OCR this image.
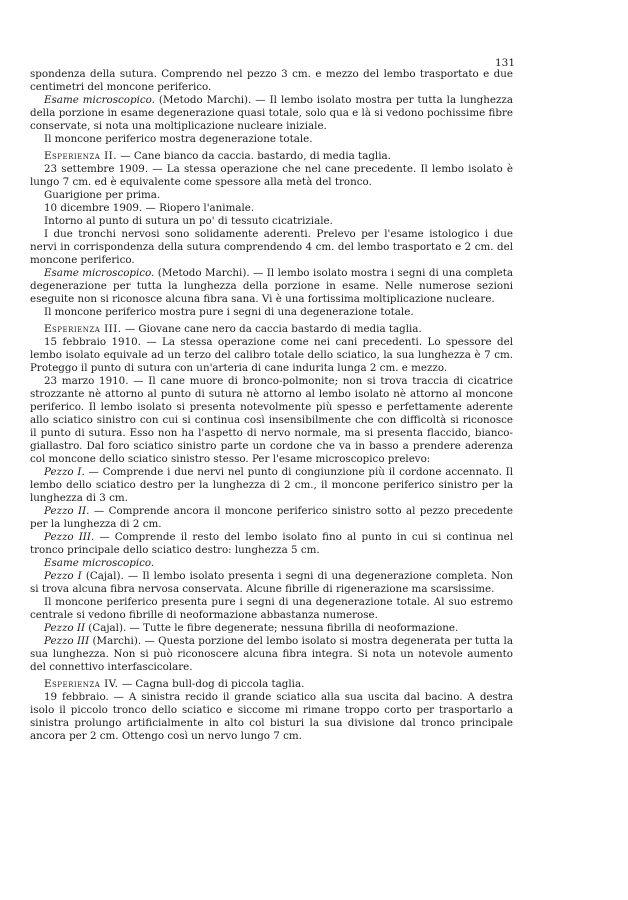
131

spondenza della sutura. Comprendo nel pezzo 3 cm. e mezzo del lembo trasportato e due centimetri del moncone periferico.

Esame microscopico. (Metodo Marchi). — Il lembo isolato mostra per tutta la lunghezza della porzione in esame degenerazione quasi totale, solo qua e là si vedono pochissime fibre conservate, si nota una moltiplicazione nucleare iniziale.

Il moncone periferico mostra degenerazione totale.

Esperienza II. — Cane bianco da caccia. bastardo, di media taglia.

23 settembre 1909. — La stessa operazione che nel cane precedente. Il lembo isolato è lungo 7 cm. ed è equivalente come spessore alla metà del tronco.

Guarigione per prima.

10 dicembre 1909. — Riopero l'animale.

Intorno al punto di sutura un po' di tessuto cicatriziale.

I due tronchi nervosi sono solidamente aderenti. Prelevo per l'esame istologico i due nervi in corrispondenza della sutura comprendendo 4 cm. del lembo trasportato e 2 cm. del moncone periferico.

Esame microscopico. (Metodo Marchi). — Il lembo isolato mostra i segni di una completa degenerazione per tutta la lunghezza della porzione in esame. Nelle numerose sezioni eseguite non si riconosce alcuna fibra sana. Vi è una fortissima moltiplicazione nucleare.

Il moncone periferico mostra pure i segni di una degenerazione totale.

Esperienza III. — Giovane cane nero da caccia bastardo di media taglia.

15 febbraio 1910. — La stessa operazione come nei cani precedenti. Lo spessore del lembo isolato equivale ad un terzo del calibro totale dello sciatico, la sua lunghezza è 7 cm. Proteggo il punto di sutura con un'arteria di cane indurita lunga 2 cm. e mezzo.

23 marzo 1910. — Il cane muore di bronco-polmonite; non si trova traccia di cicatrice strozzante nè attorno al punto di sutura nè attorno al lembo isolato nè attorno al moncone periferico. Il lembo isolato si presenta notevolmente più spesso e perfettamente aderente allo sciatico sinistro con cui si continua così insensibilmente che con difficoltà si riconosce il punto di sutura. Esso non ha l'aspetto di nervo normale, ma si presenta flaccido, bianco-giallastro. Dal foro sciatico sinistro parte un cordone che va in basso a prendere aderenza col moncone dello sciatico sinistro stesso. Per l'esame microscopico prelevo:

Pezzo I. — Comprende i due nervi nel punto di congiunzione più il cordone accennato. Il lembo dello sciatico destro per la lunghezza di 2 cm., il moncone periferico sinistro per la lunghezza di 3 cm.

Pezzo II. — Comprende ancora il moncone periferico sinistro sotto al pezzo precedente per la lunghezza di 2 cm.

Pezzo III. — Comprende il resto del lembo isolato fino al punto in cui si continua nel tronco principale dello sciatico destro: lunghezza 5 cm.

Esame microscopico.

Pezzo I (Cajal). — Il lembo isolato presenta i segni di una degenerazione completa. Non si trova alcuna fibra nervosa conservata. Alcune fibrille di rigenerazione ma scarsissime.

Il moncone periferico presenta pure i segni di una degenerazione totale. Al suo estremo centrale si vedono fibrille di neoformazione abbastanza numerose.

Pezzo II (Cajal). — Tutte le fibre degenerate; nessuna fibrilla di neoformazione.

Pezzo III (Marchi). — Questa porzione del lembo isolato si mostra degenerata per tutta la sua lunghezza. Non si può riconoscere alcuna fibra integra. Si nota un notevole aumento del connettivo interfascicolare.

Esperienza IV. — Cagna bull-dog di piccola taglia.

19 febbraio. — A sinistra recido il grande sciatico alla sua uscita dal bacino. A destra isolo il piccolo tronco dello sciatico e siccome mi rimane troppo corto per trasportarlo a sinistra prolungo artificialmente in alto col bisturi la sua divisione dal tronco principale ancora per 2 cm. Ottengo così un nervo lungo 7 cm.
